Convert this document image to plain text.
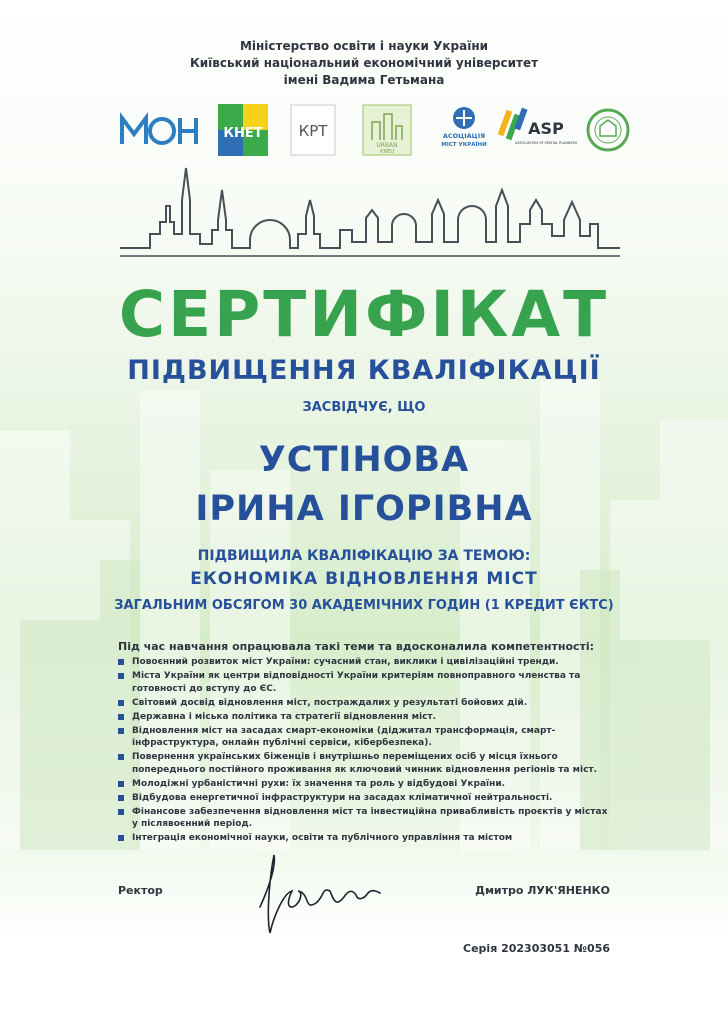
Міністерство освіти і науки України
Київський національний економічний університет
імені Вадима Гетьмана
КНЕТ КРТ
URBAN
KNEU
АСОЦІАЦІЯ
МІСТ УКРАЇНИ
ASP
ASSOCIATION OF SPATIAL PLANNERS
СЕРТИФІКАТ
ПІДВИЩЕННЯ КВАЛІФІКАЦІЇ
ЗАСВІДЧУЄ, ЩО
УСТІНОВА
ІРИНА ІГОРІВНА
ПІДВИЩИЛА КВАЛІФІКАЦІЮ ЗА ТЕМОЮ:
ЕКОНОМІКА ВІДНОВЛЕННЯ МІСТ
ЗАГАЛЬНИМ ОБСЯГОМ 30 АКАДЕМІЧНИХ ГОДИН (1 КРЕДИТ ЄКТС)
Під час навчання опрацювала такі теми та вдосконалила компетентності:
Повоєнний розвиток міст України: сучасний стан, виклики і цивілізаційні тренди.
Міста України як центри відповідності України критеріям повноправного членства та готовності до вступу до ЄС.
Світовий досвід відновлення міст, постраждалих у результаті бойових дій.
Державна і міська політика та стратегії відновлення міст.
Відновлення міст на засадах смарт-економіки (діджитал трансформація, смарт-інфраструктура, онлайн публічні сервіси, кібербезпека).
Повернення українських біженців і внутрішньо переміщених осіб у місця їхнього попереднього постійного проживання як ключовий чинник відновлення регіонів та міст.
Молодіжні урбаністичні рухи: їх значення та роль у відбудові України.
Відбудова енергетичної інфраструктури на засадах кліматичної нейтральності.
Фінансове забезпечення відновлення міст та інвестиційна привабливість проєктів у містах у післявоєнний період.
Інтеграція економічної науки, освіти та публічного управління та містом
Ректор	Дмитро ЛУК'ЯНЕНКО
Серія 202303051 №056
